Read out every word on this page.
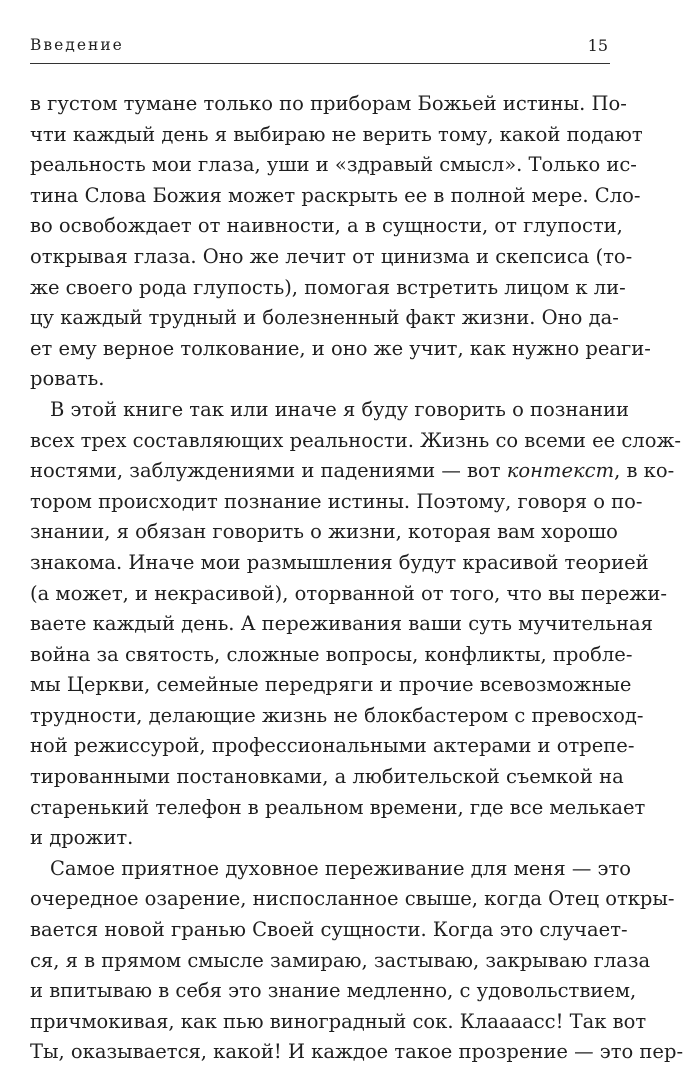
Введение	15
в густом тумане только по приборам Божьей истины. По-
чти каждый день я выбираю не верить тому, какой подают
реальность мои глаза, уши и «здравый смысл». Только ис-
тина Слова Божия может раскрыть ее в полной мере. Сло-
во освобождает от наивности, а в сущности, от глупости,
открывая глаза. Оно же лечит от цинизма и скепсиса (то-
же своего рода глупость), помогая встретить лицом к ли-
цу каждый трудный и болезненный факт жизни. Оно да-
ет ему верное толкование, и оно же учит, как нужно реаги-
ровать.
В этой книге так или иначе я буду говорить о познании
всех трех составляющих реальности. Жизнь со всеми ее слож-
ностями, заблуждениями и падениями — вот контекст, в ко-
тором происходит познание истины. Поэтому, говоря о по-
знании, я обязан говорить о жизни, которая вам хорошо
знакома. Иначе мои размышления будут красивой теорией
(а может, и некрасивой), оторванной от того, что вы пережи-
ваете каждый день. А переживания ваши суть мучительная
война за святость, сложные вопросы, конфликты, пробле-
мы Церкви, семейные передряги и прочие всевозможные
трудности, делающие жизнь не блокбастером с превосход-
ной режиссурой, профессиональными актерами и отрепе-
тированными постановками, а любительской съемкой на
старенький телефон в реальном времени, где все мелькает
и дрожит.
Самое приятное духовное переживание для меня — это
очередное озарение, ниспосланное свыше, когда Отец откры-
вается новой гранью Своей сущности. Когда это случает-
ся, я в прямом смысле замираю, застываю, закрываю глаза
и впитываю в себя это знание медленно, с удовольствием,
причмокивая, как пью виноградный сок. Клааааcс! Так вот
Ты, оказывается, какой! И каждое такое прозрение — это пер-
